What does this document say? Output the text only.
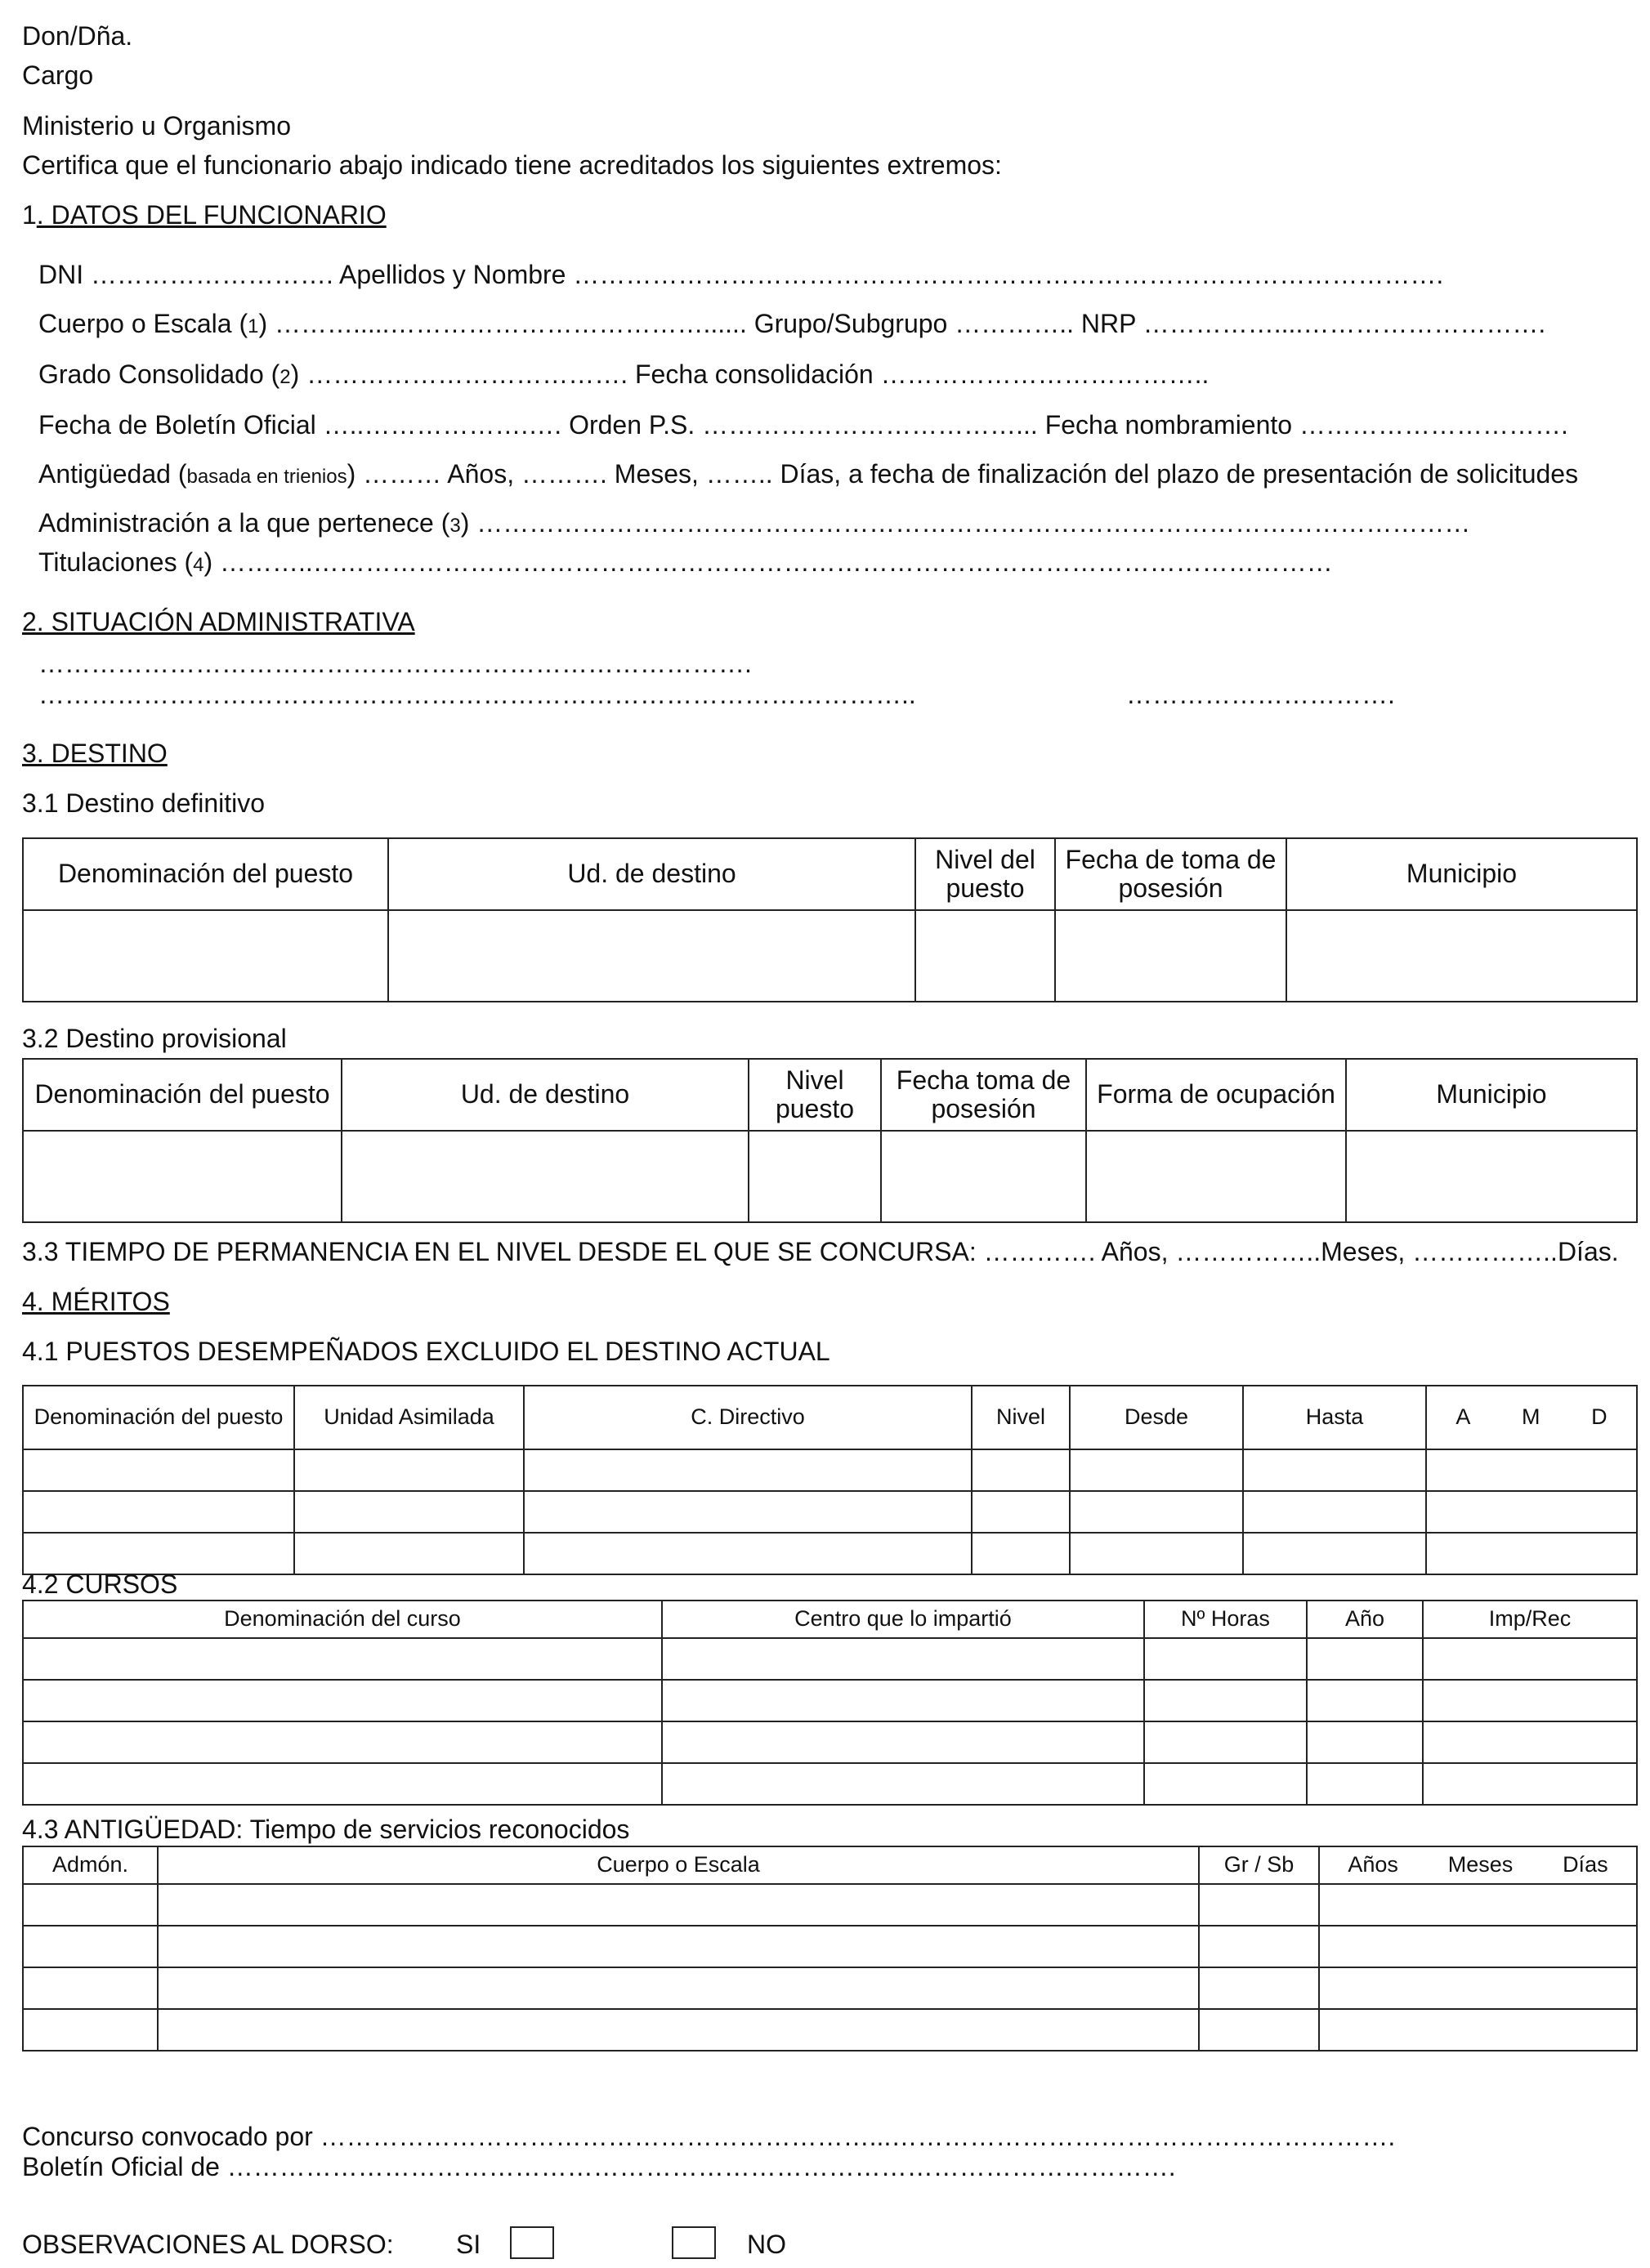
Don/Dña.
Cargo
Ministerio u Organismo
Certifica que el funcionario abajo indicado tiene acreditados los siguientes extremos:
1. DATOS DEL FUNCIONARIO
DNI ………………………. Apellidos y Nombre ……………………………………………………………………………………….
Cuerpo o Escala (1) ……….....………………………………...... Grupo/Subgrupo ………….. NRP ……………....……………………….
Grado Consolidado (2) ………………………………. Fecha consolidación ………………………………..
Fecha de Boletín Oficial …..……………….…. Orden P.S. ………………………………... Fecha nombramiento ………………………….
Antigüedad (basada en trienios) ……… Años, ………. Meses, …….. Días, a fecha de finalización del plazo de presentación de solicitudes
Administración a la que pertenece (3) ……………………………………………………………………………………………………
Titulaciones (4) ………..………………………………………………………………………………………………………
2. SITUACIÓN ADMINISTRATIVA
……………………………………………………………………….
………………………………………………………………………………………..	………………………….
3. DESTINO
3.1 Destino definitivo
Denominación del puesto	Ud. de destino	Nivel del puesto	Fecha de toma de posesión	Municipio

3.2 Destino provisional
Denominación del puesto	Ud. de destino	Nivel puesto	Fecha toma de posesión	Forma de ocupación	Municipio

3.3 TIEMPO DE PERMANENCIA EN EL NIVEL DESDE EL QUE SE CONCURSA: …………. Años, ……………..Meses, ……………..Días.
4. MÉRITOS
4.1 PUESTOS DESEMPEÑADOS EXCLUIDO EL DESTINO ACTUAL
Denominación del puesto	Unidad Asimilada	C. Directivo	Nivel	Desde	Hasta	A M D

4.2 CURSOS
Denominación del curso	Centro que lo impartió	Nº Horas	Año	Imp/Rec

4.3 ANTIGÜEDAD: Tiempo de servicios reconocidos
Admón.	Cuerpo o Escala	Gr / Sb	Años Meses Días

Concurso convocado por ………………………………………………………...………………………………………………….
Boletín Oficial de ……………………………………………………………………………………………….
OBSERVACIONES AL DORSO: SI	NO
